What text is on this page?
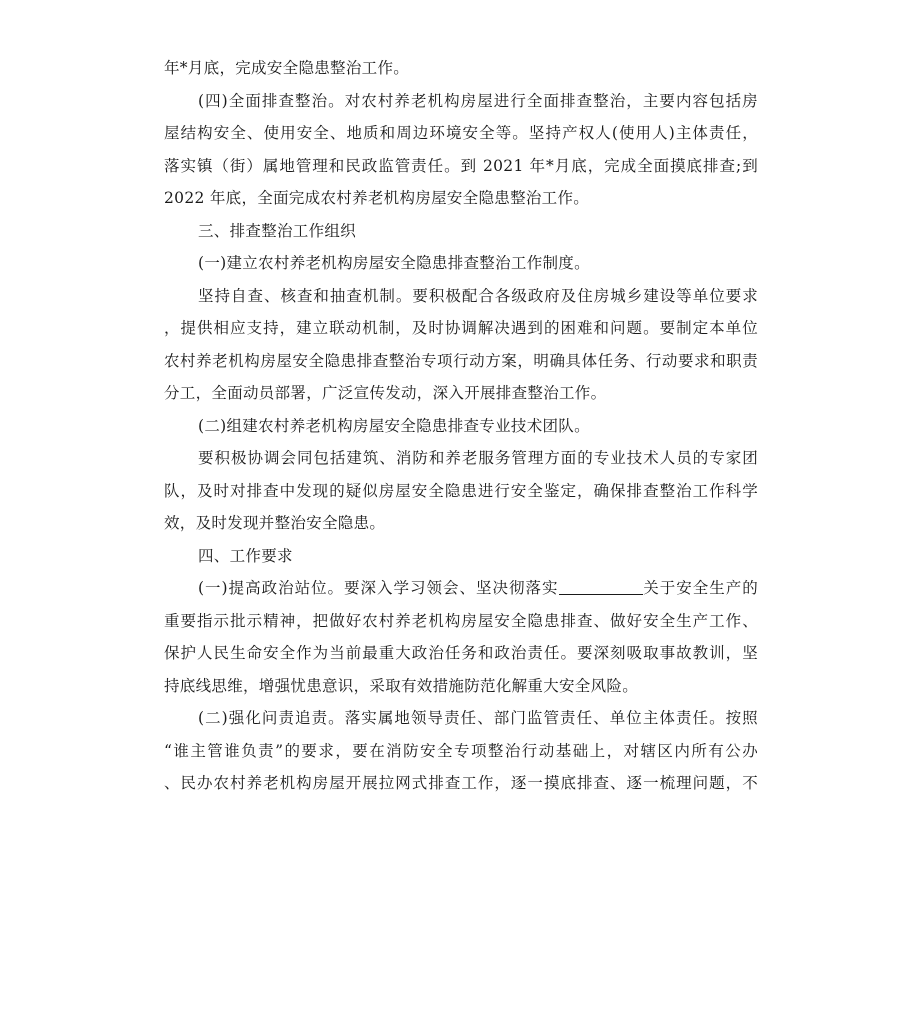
年*月底，完成安全隐患整治工作。
(四)全面排查整治。对农村养老机构房屋进行全面排查整治，主要内容包括房
屋结构安全、使用安全、地质和周边环境安全等。坚持产权人(使用人)主体责任，
落实镇（街）属地管理和民政监管责任。到 2021 年*月底，完成全面摸底排查;到
2022 年底，全面完成农村养老机构房屋安全隐患整治工作。
三、排查整治工作组织
(一)建立农村养老机构房屋安全隐患排查整治工作制度。
坚持自查、核查和抽查机制。要积极配合各级政府及住房城乡建设等单位要求
，提供相应支持，建立联动机制，及时协调解决遇到的困难和问题。要制定本单位
农村养老机构房屋安全隐患排查整治专项行动方案，明确具体任务、行动要求和职责
分工，全面动员部署，广泛宣传发动，深入开展排查整治工作。
(二)组建农村养老机构房屋安全隐患排查专业技术团队。
要积极协调会同包括建筑、消防和养老服务管理方面的专业技术人员的专家团
队，及时对排查中发现的疑似房屋安全隐患进行安全鉴定，确保排查整治工作科学
效，及时发现并整治安全隐患。
四、工作要求
(一)提高政治站位。要深入学习领会、坚决彻落实	关于安全生产的
重要指示批示精神，把做好农村养老机构房屋安全隐患排查、做好安全生产工作、
保护人民生命安全作为当前最重大政治任务和政治责任。要深刻吸取事故教训，坚
持底线思维，增强忧患意识，采取有效措施防范化解重大安全风险。
(二)强化问责追责。落实属地领导责任、部门监管责任、单位主体责任。按照
“谁主管谁负责”的要求，要在消防安全专项整治行动基础上，对辖区内所有公办
、民办农村养老机构房屋开展拉网式排查工作，逐一摸底排查、逐一梳理问题，不
